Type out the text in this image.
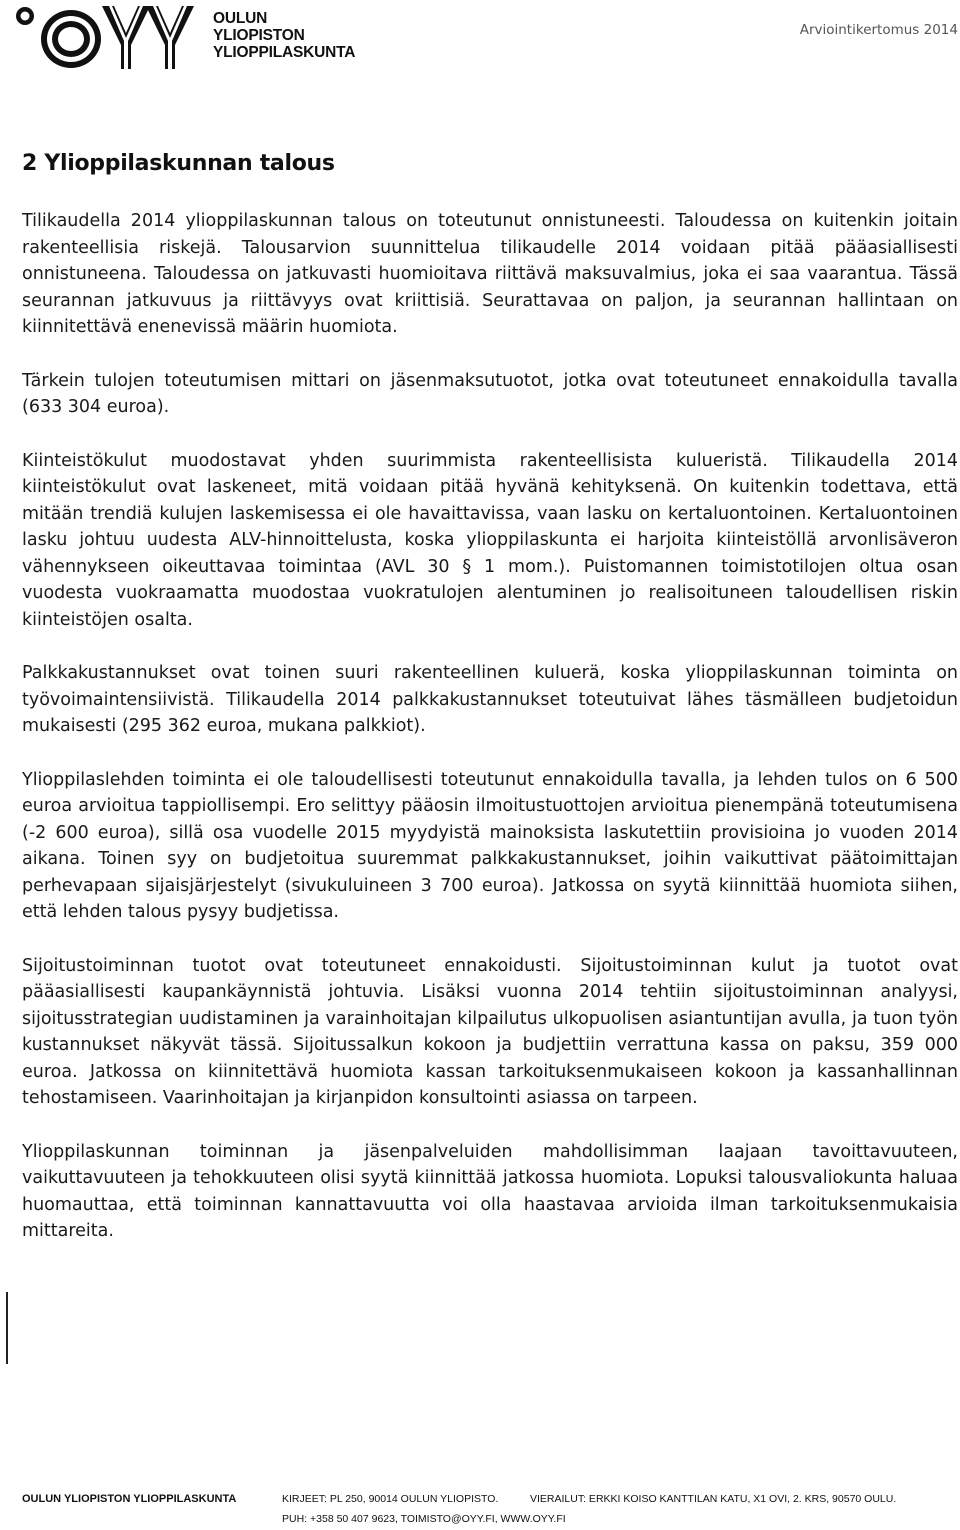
OULUN
YLIOPISTON
YLIOPPILASKUNTA
Arviointikertomus 2014
2 Ylioppilaskunnan talous

Tilikaudella 2014 ylioppilaskunnan talous on toteutunut onnistuneesti. Taloudessa on kuitenkin joitain rakenteellisia riskejä. Talousarvion suunnittelua tilikaudelle 2014 voidaan pitää pääasiallisesti onnistuneena. Taloudessa on jatkuvasti huomioitava riittävä maksuvalmius, joka ei saa vaarantua. Tässä seurannan jatkuvuus ja riittävyys ovat kriittisiä. Seurattavaa on paljon, ja seurannan hallintaan on kiinnitettävä enenevissä määrin huomiota.

Tärkein tulojen toteutumisen mittari on jäsenmaksutuotot, jotka ovat toteutuneet ennakoidulla tavalla (633 304 euroa).

Kiinteistökulut muodostavat yhden suurimmista rakenteellisista kulueristä. Tilikaudella 2014 kiinteistökulut ovat laskeneet, mitä voidaan pitää hyvänä kehityksenä. On kuitenkin todettava, että mitään trendiä kulujen laskemisessa ei ole havaittavissa, vaan lasku on kertaluontoinen. Kertaluontoinen lasku johtuu uudesta ALV-hinnoittelusta, koska ylioppilaskunta ei harjoita kiinteistöllä arvonlisäveron vähennykseen oikeuttavaa toimintaa (AVL 30 § 1 mom.). Puistomannen toimistotilojen oltua osan vuodesta vuokraamatta muodostaa vuokratulojen alentuminen jo realisoituneen taloudellisen riskin kiinteistöjen osalta.

Palkkakustannukset ovat toinen suuri rakenteellinen kuluerä, koska ylioppilaskunnan toiminta on työvoimaintensiivistä. Tilikaudella 2014 palkkakustannukset toteutuivat lähes täsmälleen budjetoidun mukaisesti (295 362 euroa, mukana palkkiot).

Ylioppilaslehden toiminta ei ole taloudellisesti toteutunut ennakoidulla tavalla, ja lehden tulos on 6 500 euroa arvioitua tappiollisempi. Ero selittyy pääosin ilmoitustuottojen arvioitua pienempänä toteutumisena (-2 600 euroa), sillä osa vuodelle 2015 myydyistä mainoksista laskutettiin provisioina jo vuoden 2014 aikana. Toinen syy on budjetoitua suuremmat palkkakustannukset, joihin vaikuttivat päätoimittajan perhevapaan sijaisjärjestelyt (sivukuluineen 3 700 euroa). Jatkossa on syytä kiinnittää huomiota siihen, että lehden talous pysyy budjetissa.

Sijoitustoiminnan tuotot ovat toteutuneet ennakoidusti. Sijoitustoiminnan kulut ja tuotot ovat pääasiallisesti kaupankäynnistä johtuvia. Lisäksi vuonna 2014 tehtiin sijoitustoiminnan analyysi, sijoitusstrategian uudistaminen ja varainhoitajan kilpailutus ulkopuolisen asiantuntijan avulla, ja tuon työn kustannukset näkyvät tässä. Sijoitussalkun kokoon ja budjettiin verrattuna kassa on paksu, 359 000 euroa. Jatkossa on kiinnitettävä huomiota kassan tarkoituksenmukaiseen kokoon ja kassanhallinnan tehostamiseen. Vaarinhoitajan ja kirjanpidon konsultointi asiassa on tarpeen.

Ylioppilaskunnan toiminnan ja jäsenpalveluiden mahdollisimman laajaan tavoittavuuteen, vaikuttavuuteen ja tehokkuuteen olisi syytä kiinnittää jatkossa huomiota. Lopuksi talousvaliokunta haluaa huomauttaa, että toiminnan kannattavuutta voi olla haastavaa arvioida ilman tarkoituksenmukaisia mittareita.

OULUN YLIOPISTON YLIOPPILASKUNTA	KIRJEET: PL 250, 90014 OULUN YLIOPISTO.	VIERAILUT: ERKKI KOISO KANTTILAN KATU, X1 OVI, 2. KRS, 90570 OULU.
PUH: +358 50 407 9623, TOIMISTO@OYY.FI, WWW.OYY.FI
